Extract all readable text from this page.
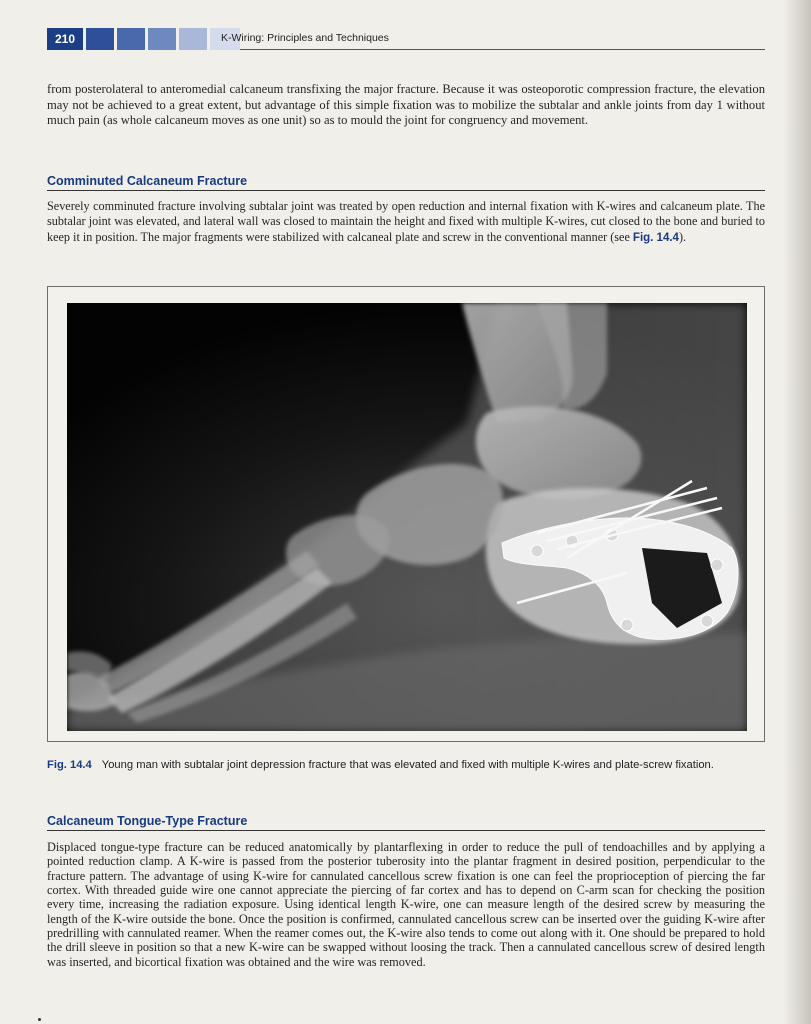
210	K-Wiring: Principles and Techniques

from posterolateral to anteromedial calcaneum transfixing the major fracture. Because it was osteoporotic compression fracture, the elevation may not be achieved to a great extent, but advantage of this simple fixation was to mobilize the subtalar and ankle joints from day 1 without much pain (as whole calcaneum moves as one unit) so as to mould the joint for congruency and movement.

Comminuted Calcaneum Fracture

Severely comminuted fracture involving subtalar joint was treated by open reduction and internal fixation with K-wires and calcaneum plate. The subtalar joint was elevated, and lateral wall was closed to maintain the height and fixed with multiple K-wires, cut closed to the bone and buried to keep it in position. The major fragments were stabilized with calcaneal plate and screw in the conventional manner (see Fig. 14.4).

Fig. 14.4 Young man with subtalar joint depression fracture that was elevated and fixed with multiple K-wires and plate-screw fixation.

Calcaneum Tongue-Type Fracture

Displaced tongue-type fracture can be reduced anatomically by plantarflexing in order to reduce the pull of tendoachilles and by applying a pointed reduction clamp. A K-wire is passed from the posterior tuberosity into the plantar fragment in desired position, perpendicular to the fracture pattern. The advantage of using K-wire for cannulated cancellous screw fixation is one can feel the proprioception of piercing the far cortex. With threaded guide wire one cannot appreciate the piercing of far cortex and has to depend on C-arm scan for checking the position every time, increasing the radiation exposure. Using identical length K-wire, one can measure length of the desired screw by measuring the length of the K-wire outside the bone. Once the position is confirmed, cannulated cancellous screw can be inserted over the guiding K-wire after predrilling with cannulated reamer. When the reamer comes out, the K-wire also tends to come out along with it. One should be prepared to hold the drill sleeve in position so that a new K-wire can be swapped without loosing the track. Then a cannulated cancellous screw of desired length was inserted, and bicortical fixation was obtained and the wire was removed.
